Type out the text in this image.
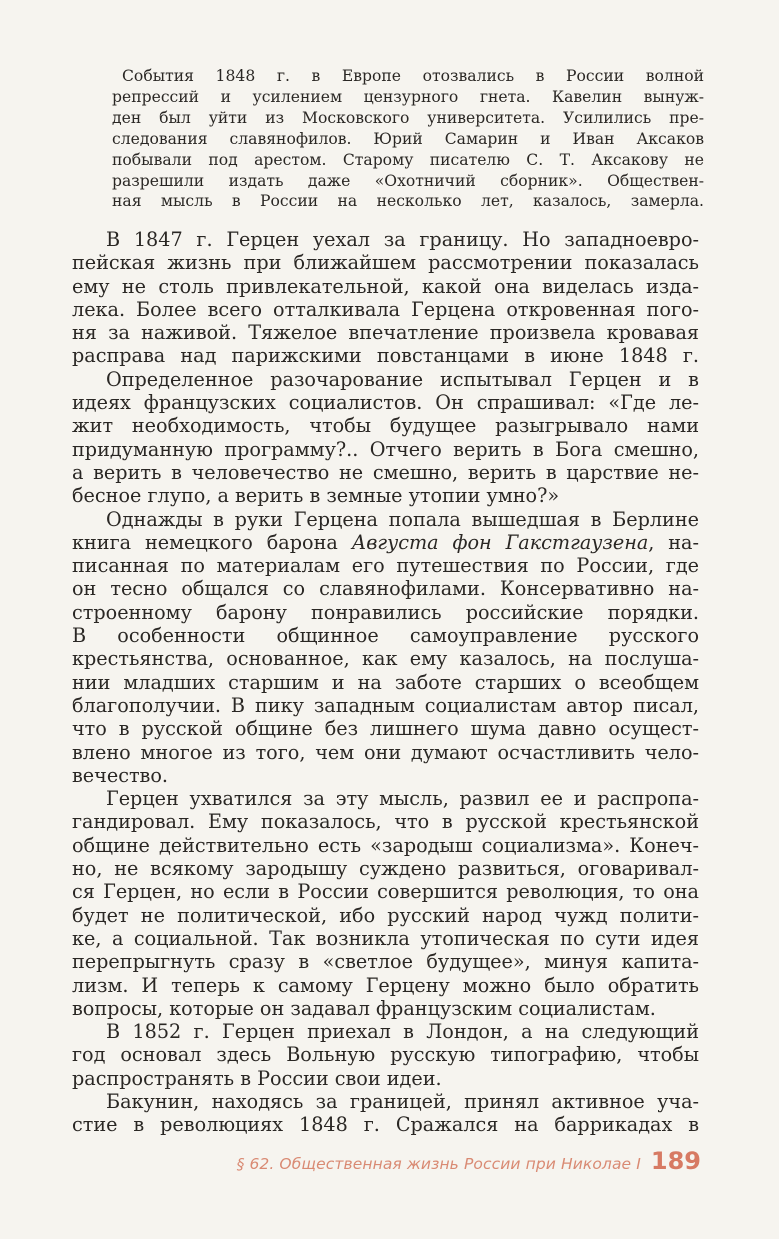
События 1848 г. в Европе отозвались в России волной
репрессий и усилением цензурного гнета. Кавелин вынуж-
ден был уйти из Московского университета. Усилились пре-
следования славянофилов. Юрий Самарин и Иван Аксаков
побывали под арестом. Старому писателю С. Т. Аксакову не
разрешили издать даже «Охотничий сборник». Обществен-
ная мысль в России на несколько лет, казалось, замерла.

В 1847 г. Герцен уехал за границу. Но западноевро-
пейская жизнь при ближайшем рассмотрении показалась
ему не столь привлекательной, какой она виделась изда-
лека. Более всего отталкивала Герцена откровенная пого-
ня за наживой. Тяжелое впечатление произвела кровавая
расправа над парижскими повстанцами в июне 1848 г.

Определенное разочарование испытывал Герцен и в
идеях французских социалистов. Он спрашивал: «Где ле-
жит необходимость, чтобы будущее разыгрывало нами
придуманную программу?.. Отчего верить в Бога смешно,
а верить в человечество не смешно, верить в царствие не-
бесное глупо, а верить в земные утопии умно?»

Однажды в руки Герцена попала вышедшая в Берлине
книга немецкого барона Августа фон Гакстгаузена, на-
писанная по материалам его путешествия по России, где
он тесно общался со славянофилами. Консервативно на-
строенному барону понравились российские порядки.
В особенности общинное самоуправление русского
крестьянства, основанное, как ему казалось, на послуша-
нии младших старшим и на заботе старших о всеобщем
благополучии. В пику западным социалистам автор писал,
что в русской общине без лишнего шума давно осущест-
влено многое из того, чем они думают осчастливить чело-
вечество.

Герцен ухватился за эту мысль, развил ее и распропа-
гандировал. Ему показалось, что в русской крестьянской
общине действительно есть «зародыш социализма». Конеч-
но, не всякому зародышу суждено развиться, оговаривал-
ся Герцен, но если в России совершится революция, то она
будет не политической, ибо русский народ чужд полити-
ке, а социальной. Так возникла утопическая по сути идея
перепрыгнуть сразу в «светлое будущее», минуя капита-
лизм. И теперь к самому Герцену можно было обратить
вопросы, которые он задавал французским социалистам.

В 1852 г. Герцен приехал в Лондон, а на следующий
год основал здесь Вольную русскую типографию, чтобы
распространять в России свои идеи.

Бакунин, находясь за границей, принял активное уча-
стие в революциях 1848 г. Сражался на баррикадах в

§ 62. Общественная жизнь России при Николае I 189
